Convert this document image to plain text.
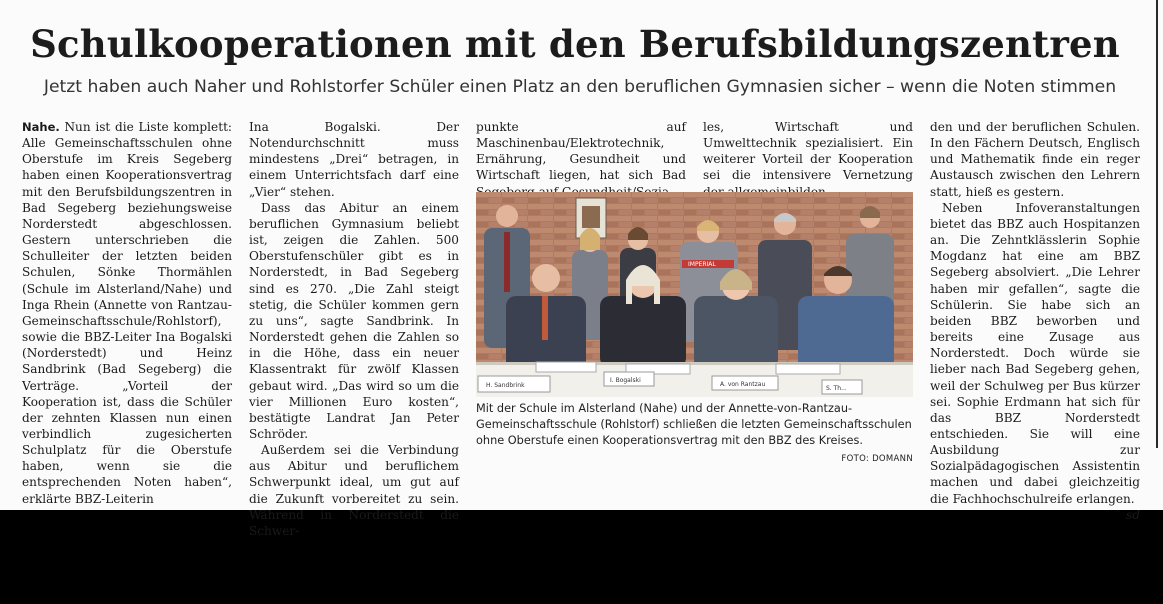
Schulkooperationen mit den Berufsbildungszentren
Jetzt haben auch Naher und Rohlstorfer Schüler einen Platz an den beruflichen Gymnasien sicher – wenn die Noten stimmen

Nahe. Nun ist die Liste komplett: Alle Gemeinschaftsschulen ohne Oberstufe im Kreis Segeberg haben einen Kooperationsvertrag mit den Berufsbildungszentren in Bad Segeberg beziehungsweise Norderstedt abgeschlossen. Gestern unterschrieben die Schulleiter der letzten beiden Schulen, Sönke Thormählen (Schule im Alsterland/Nahe) und Inga Rhein (Annette von Rantzau-Gemeinschaftsschule/Rohlstorf), sowie die BBZ-Leiter Ina Bogalski (Norderstedt) und Heinz Sandbrink (Bad Segeberg) die Verträge. „Vorteil der Kooperation ist, dass die Schüler der zehnten Klassen nun einen verbindlich zugesicherten Schulplatz für die Oberstufe haben, wenn sie die entsprechenden Noten haben“, erklärte BBZ-Leiterin

Ina Bogalski. Der Notendurchschnitt muss mindestens „Drei“ betragen, in einem Unterrichtsfach darf eine „Vier“ stehen.

Dass das Abitur an einem beruflichen Gymnasium beliebt ist, zeigen die Zahlen. 500 Oberstufenschüler gibt es in Norderstedt, in Bad Segeberg sind es 270. „Die Zahl steigt stetig, die Schüler kommen gern zu uns“, sagte Sandbrink. In Norderstedt gehen die Zahlen so in die Höhe, dass ein neuer Klassentrakt für zwölf Klassen gebaut wird. „Das wird so um die vier Millionen Euro kosten“, bestätigte Landrat Jan Peter Schröder.

Außerdem sei die Verbindung aus Abitur und beruflichem Schwerpunkt ideal, um gut auf die Zukunft vorbereitet zu sein. Während in Norderstedt die Schwer-

punkte auf Maschinenbau/Elektrotechnik, Ernährung, Gesundheit und Wirtschaft liegen, hat sich Bad

les, Wirtschaft und Umwelttechnik spezialisiert. Ein weiterer Vorteil der Kooperation sei die intensivere Vernetzung

den und der beruflichen Schulen. In den Fächern Deutsch, Englisch und Mathematik finde ein reger Austausch zwischen den Lehrern statt, hieß es gestern.

Neben Infoveranstaltungen bietet das BBZ auch Hospitanzen an. Die Zehntklässlerin Sophie Mogdanz hat eine am BBZ Segeberg absolviert. „Die Lehrer haben mir gefallen“, sagte die Schülerin. Sie habe sich an beiden BBZ beworben und bereits eine Zusage aus Norderstedt. Doch würde sie lieber nach Bad Segeberg gehen, weil der Schulweg per Bus kürzer sei. Sophie Erdmann hat sich für das BBZ Norderstedt entschieden. Sie will eine Ausbildung zur Sozialpädagogischen Assistentin machen und dabei gleichzeitig die Fachhochschulreife erlangen.
sd

H. Sandbrink
I. Bogalski
A. von Rantzau
S. Th...
IMPERIAL
Mit der Schule im Alsterland (Nahe) und der Annette-von-Rantzau-Gemeinschaftsschule (Rohlstorf) schließen die letzten Gemeinschaftsschulen ohne Oberstufe einen Kooperationsvertrag mit den BBZ des Kreises.
FOTO: DOMANN
